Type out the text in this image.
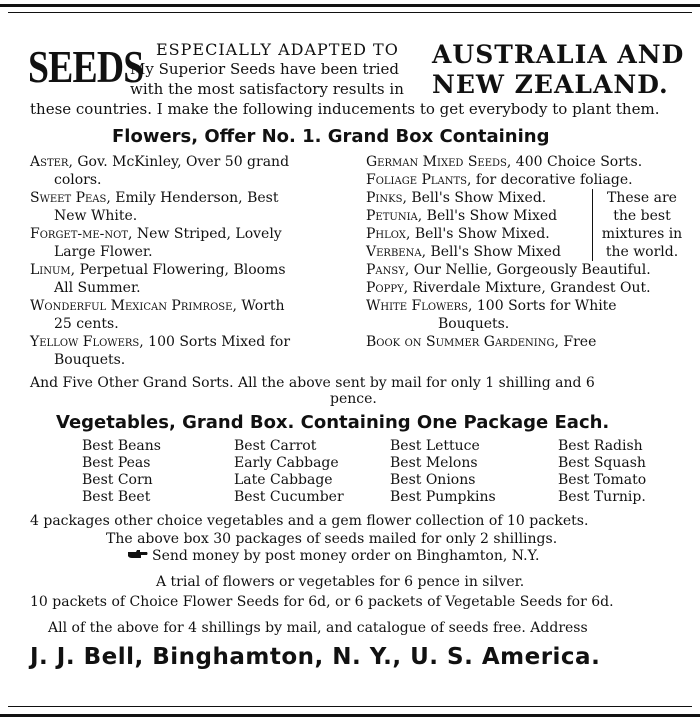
SEEDS ESPECIALLY ADAPTED TO
My Superior Seeds have been tried
with the most satisfactory results in
AUSTRALIA AND
NEW ZEALAND.
these countries. I make the following inducements to get everybody to plant them.
Flowers, Offer No. 1. Grand Box Containing
Aster, Gov. McKinley, Over 50 grand
colors.
Sweet Peas, Emily Henderson, Best
New White.
Forget-me-not, New Striped, Lovely
Large Flower.
Linum, Perpetual Flowering, Blooms
All Summer.
Wonderful Mexican Primrose, Worth
25 cents.
Yellow Flowers, 100 Sorts Mixed for
Bouquets.
German Mixed Seeds, 400 Choice Sorts.
Foliage Plants, for decorative foliage.
Pinks, Bell's Show Mixed.
Petunia, Bell's Show Mixed
Phlox, Bell's Show Mixed.
Verbena, Bell's Show Mixed
These are
the best
mixtures in
the world.
Pansy, Our Nellie, Gorgeously Beautiful.
Poppy, Riverdale Mixture, Grandest Out.
White Flowers, 100 Sorts for White
Bouquets.
Book on Summer Gardening, Free
And Five Other Grand Sorts. All the above sent by mail for only 1 shilling and 6
pence.
Vegetables, Grand Box. Containing One Package Each.
Best Beans
Best Peas
Best Corn
Best Beet
Best Carrot
Early Cabbage
Late Cabbage
Best Cucumber
Best Lettuce
Best Melons
Best Onions
Best Pumpkins
Best Radish
Best Squash
Best Tomato
Best Turnip.
4 packages other choice vegetables and a gem flower collection of 10 packets.
The above box 30 packages of seeds mailed for only 2 shillings.
Send money by post money order on Binghamton, N.Y.
A trial of flowers or vegetables for 6 pence in silver.
10 packets of Choice Flower Seeds for 6d, or 6 packets of Vegetable Seeds for 6d.
All of the above for 4 shillings by mail, and catalogue of seeds free. Address
J. J. Bell, Binghamton, N. Y., U. S. America.
